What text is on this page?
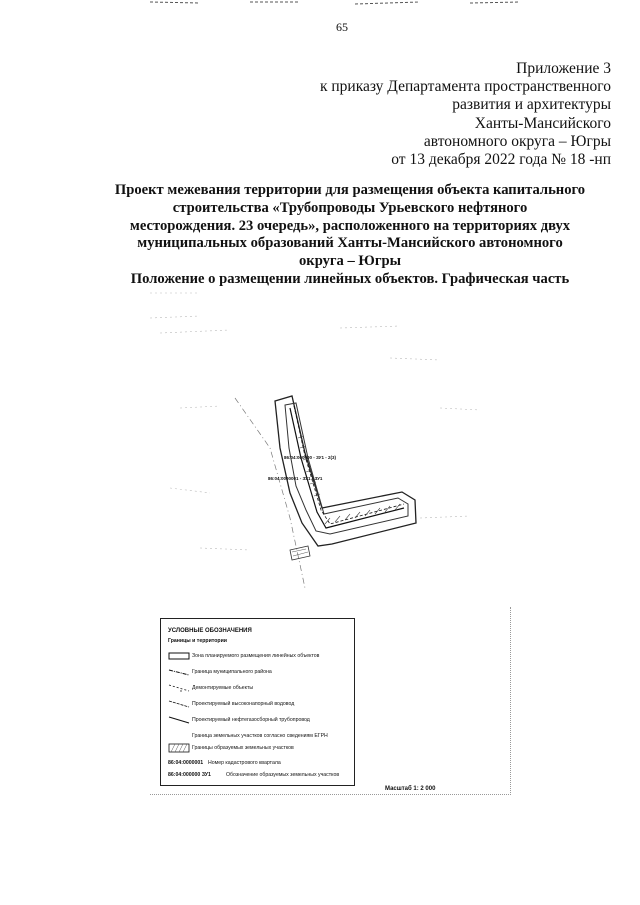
65
Приложение 3
к приказу Департамента пространственного
развития и архитектуры
Ханты-Мансийского
автономного округа – Югры
от 13 декабря 2022 года № 18 -нп
Проект межевания территории для размещения объекта капитального
строительства «Трубопроводы Урьевского нефтяного
месторождения. 23 очередь», расположенного на территориях двух
муниципальных образований Ханты-Мансийского автономного
округа – Югры
Положение о размещении линейных объектов. Графическая часть
86:04:000000 - ЗУ1 - 2(3)
86:04:0000001 - ЗУ1 - ЗУ1
УСЛОВНЫЕ ОБОЗНАЧЕНИЯ
Границы и территории
Зона планируемого размещения линейных объектов
Граница муниципального района
x Демонтируемые объекты
Проектируемый высоконапорный водовод
Проектируемый нефтегазосборный трубопровод
Граница земельных участков согласно сведениям ЕГРН
Границы образуемых земельных участков
86:04:0000001 Номер кадастрового квартала
86:04:000000 ЗУ1	Обозначение образуемых земельных участков
Масштаб 1: 2 000
